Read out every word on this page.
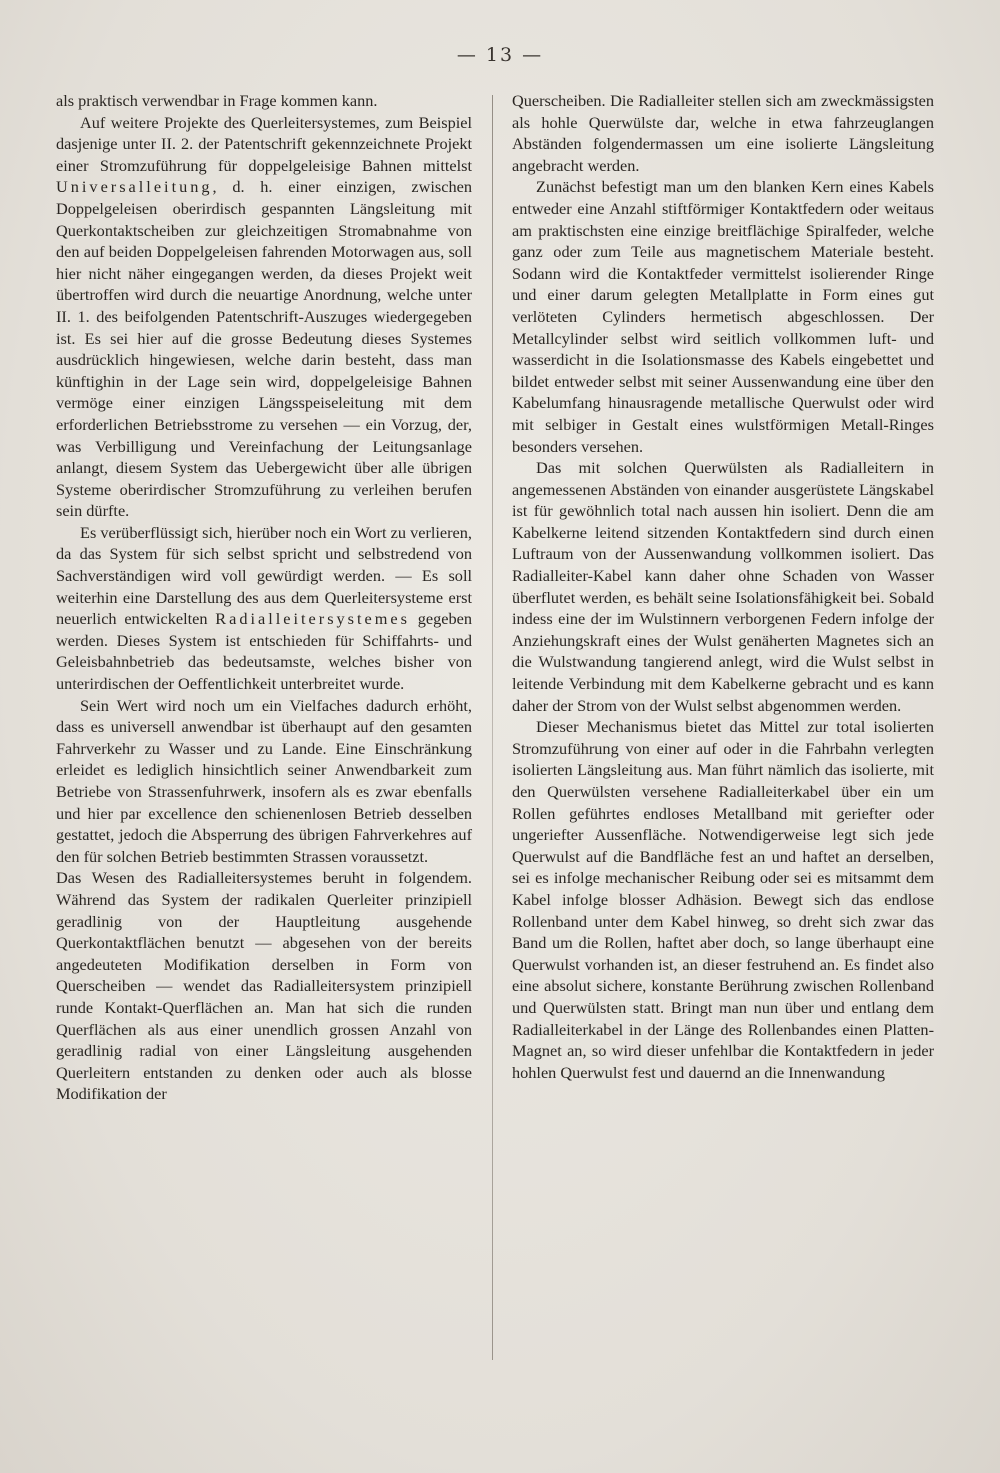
— 13 —

als praktisch verwendbar in Frage kommen kann.

Auf weitere Projekte des Querleitersystemes, zum Beispiel dasjenige unter II. 2. der Patentschrift gekennzeichnete Projekt einer Stromzuführung für doppelgeleisige Bahnen mittelst Universalleitung, d. h. einer einzigen, zwischen Doppelgeleisen oberirdisch gespannten Längsleitung mit Querkontaktscheiben zur gleichzeitigen Stromabnahme von den auf beiden Doppelgeleisen fahrenden Motorwagen aus, soll hier nicht näher eingegangen werden, da dieses Projekt weit übertroffen wird durch die neuartige Anordnung, welche unter II. 1. des beifolgenden Patentschrift-Auszuges wiedergegeben ist. Es sei hier auf die grosse Bedeutung dieses Systemes ausdrücklich hingewiesen, welche darin besteht, dass man künftighin in der Lage sein wird, doppelgeleisige Bahnen vermöge einer einzigen Längsspeiseleitung mit dem erforderlichen Betriebsstrome zu versehen — ein Vorzug, der, was Verbilligung und Vereinfachung der Leitungsanlage anlangt, diesem System das Uebergewicht über alle übrigen Systeme oberirdischer Stromzuführung zu verleihen berufen sein dürfte.

Es verüberflüssigt sich, hierüber noch ein Wort zu verlieren, da das System für sich selbst spricht und selbstredend von Sachverständigen wird voll gewürdigt werden. — Es soll weiterhin eine Darstellung des aus dem Querleitersysteme erst neuerlich entwickelten Radialleitersystemes gegeben werden. Dieses System ist entschieden für Schiffahrts- und Geleisbahnbetrieb das bedeutsamste, welches bisher von unterirdischen der Oeffentlichkeit unterbreitet wurde.

Sein Wert wird noch um ein Vielfaches dadurch erhöht, dass es universell anwendbar ist überhaupt auf den gesamten Fahrverkehr zu Wasser und zu Lande. Eine Einschränkung erleidet es lediglich hinsichtlich seiner Anwendbarkeit zum Betriebe von Strassenfuhrwerk, insofern als es zwar ebenfalls und hier par excellence den schienenlosen Betrieb desselben gestattet, jedoch die Absperrung des übrigen Fahrverkehres auf den für solchen Betrieb bestimmten Strassen voraussetzt.

Das Wesen des Radialleitersystemes beruht in folgendem. Während das System der radikalen Querleiter prinzipiell geradlinig von der Hauptleitung ausgehende Querkontaktflächen benutzt — abgesehen von der bereits angedeuteten Modifikation derselben in Form von Querscheiben — wendet das Radialleitersystem prinzipiell runde Kontakt-Querflächen an. Man hat sich die runden Querflächen als aus einer unendlich grossen Anzahl von geradlinig radial von einer Längsleitung ausgehenden Querleitern entstanden zu denken oder auch als blosse Modifikation der

Querscheiben. Die Radialleiter stellen sich am zweckmässigsten als hohle Querwülste dar, welche in etwa fahrzeuglangen Abständen folgendermassen um eine isolierte Längsleitung angebracht werden.

Zunächst befestigt man um den blanken Kern eines Kabels entweder eine Anzahl stiftförmiger Kontaktfedern oder weitaus am praktischsten eine einzige breitflächige Spiralfeder, welche ganz oder zum Teile aus magnetischem Materiale besteht. Sodann wird die Kontaktfeder vermittelst isolierender Ringe und einer darum gelegten Metallplatte in Form eines gut verlöteten Cylinders hermetisch abgeschlossen. Der Metallcylinder selbst wird seitlich vollkommen luft- und wasserdicht in die Isolationsmasse des Kabels eingebettet und bildet entweder selbst mit seiner Aussenwandung eine über den Kabelumfang hinausragende metallische Querwulst oder wird mit selbiger in Gestalt eines wulstförmigen Metall-Ringes besonders versehen.

Das mit solchen Querwülsten als Radialleitern in angemessenen Abständen von einander ausgerüstete Längskabel ist für gewöhnlich total nach aussen hin isoliert. Denn die am Kabelkerne leitend sitzenden Kontaktfedern sind durch einen Luftraum von der Aussenwandung vollkommen isoliert. Das Radialleiter-Kabel kann daher ohne Schaden von Wasser überflutet werden, es behält seine Isolationsfähigkeit bei. Sobald indess eine der im Wulstinnern verborgenen Federn infolge der Anziehungskraft eines der Wulst genäherten Magnetes sich an die Wulstwandung tangierend anlegt, wird die Wulst selbst in leitende Verbindung mit dem Kabelkerne gebracht und es kann daher der Strom von der Wulst selbst abgenommen werden.

Dieser Mechanismus bietet das Mittel zur total isolierten Stromzuführung von einer auf oder in die Fahrbahn verlegten isolierten Längsleitung aus. Man führt nämlich das isolierte, mit den Querwülsten versehene Radialleiterkabel über ein um Rollen geführtes endloses Metallband mit geriefter oder ungeriefter Aussenfläche. Notwendigerweise legt sich jede Querwulst auf die Bandfläche fest an und haftet an derselben, sei es infolge mechanischer Reibung oder sei es mitsammt dem Kabel infolge blosser Adhäsion. Bewegt sich das endlose Rollenband unter dem Kabel hinweg, so dreht sich zwar das Band um die Rollen, haftet aber doch, so lange überhaupt eine Querwulst vorhanden ist, an dieser festruhend an. Es findet also eine absolut sichere, konstante Berührung zwischen Rollenband und Querwülsten statt. Bringt man nun über und entlang dem Radialleiterkabel in der Länge des Rollenbandes einen Platten-Magnet an, so wird dieser unfehlbar die Kontaktfedern in jeder hohlen Querwulst fest und dauernd an die Innenwandung
